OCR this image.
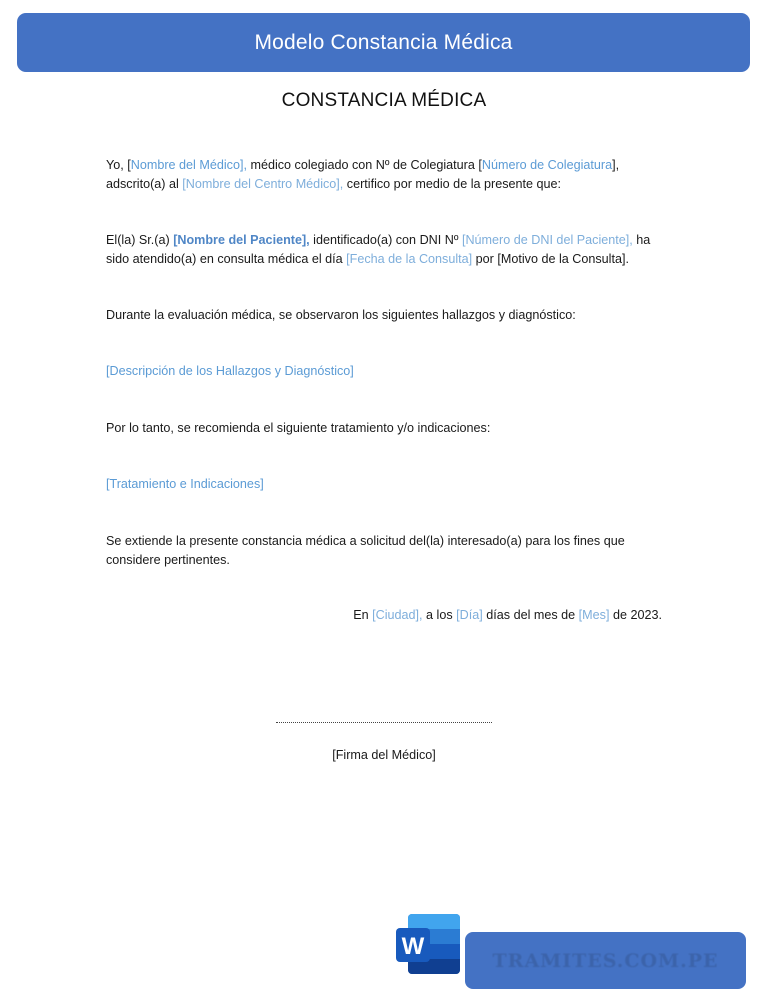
Modelo Constancia Médica
CONSTANCIA MÉDICA
Yo, [Nombre del Médico], médico colegiado con Nº de Colegiatura [Número de Colegiatura],
adscrito(a) al [Nombre del Centro Médico], certifico por medio de la presente que:
El(la) Sr.(a) [Nombre del Paciente], identificado(a) con DNI Nº [Número de DNI del Paciente], ha
sido atendido(a) en consulta médica el día [Fecha de la Consulta] por [Motivo de la Consulta].
Durante la evaluación médica, se observaron los siguientes hallazgos y diagnóstico:
[Descripción de los Hallazgos y Diagnóstico]
Por lo tanto, se recomienda el siguiente tratamiento y/o indicaciones:
[Tratamiento e Indicaciones]
Se extiende la presente constancia médica a solicitud del(la) interesado(a) para los fines que considere pertinentes.
En [Ciudad], a los [Día] días del mes de [Mes] de 2023.
[Firma del Médico]
W
TRAMITES.COM.PE
